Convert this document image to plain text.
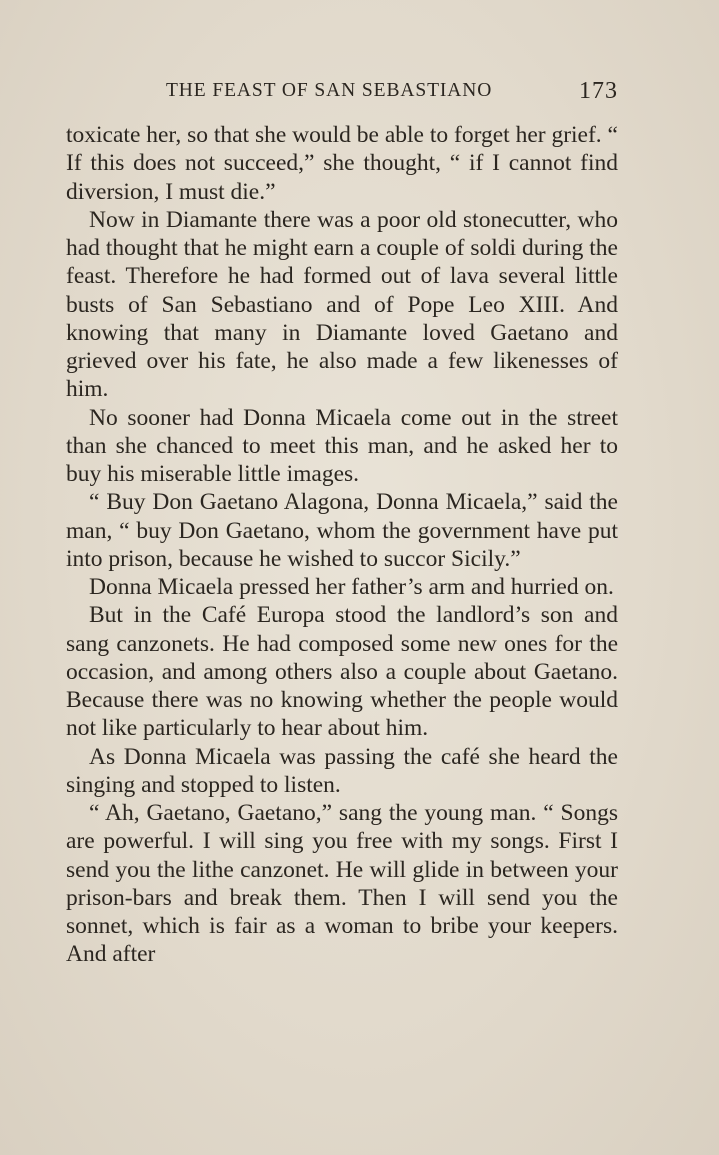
THE FEAST OF SAN SEBASTIANO	173

toxicate her, so that she would be able to forget her grief. “ If this does not succeed,” she thought, “ if I cannot find diversion, I must die.”

Now in Diamante there was a poor old stonecutter, who had thought that he might earn a couple of soldi during the feast. Therefore he had formed out of lava several little busts of San Sebastiano and of Pope Leo XIII. And knowing that many in Diamante loved Gaetano and grieved over his fate, he also made a few likenesses of him.

No sooner had Donna Micaela come out in the street than she chanced to meet this man, and he asked her to buy his miserable little images.

“ Buy Don Gaetano Alagona, Donna Micaela,” said the man, “ buy Don Gaetano, whom the government have put into prison, because he wished to succor Sicily.”

Donna Micaela pressed her father’s arm and hurried on.

But in the Café Europa stood the landlord’s son and sang canzonets. He had composed some new ones for the occasion, and among others also a couple about Gaetano. Because there was no knowing whether the people would not like particularly to hear about him.

As Donna Micaela was passing the café she heard the singing and stopped to listen.

“ Ah, Gaetano, Gaetano,” sang the young man. “ Songs are powerful. I will sing you free with my songs. First I send you the lithe canzonet. He will glide in between your prison-bars and break them. Then I will send you the sonnet, which is fair as a woman to bribe your keepers. And after
